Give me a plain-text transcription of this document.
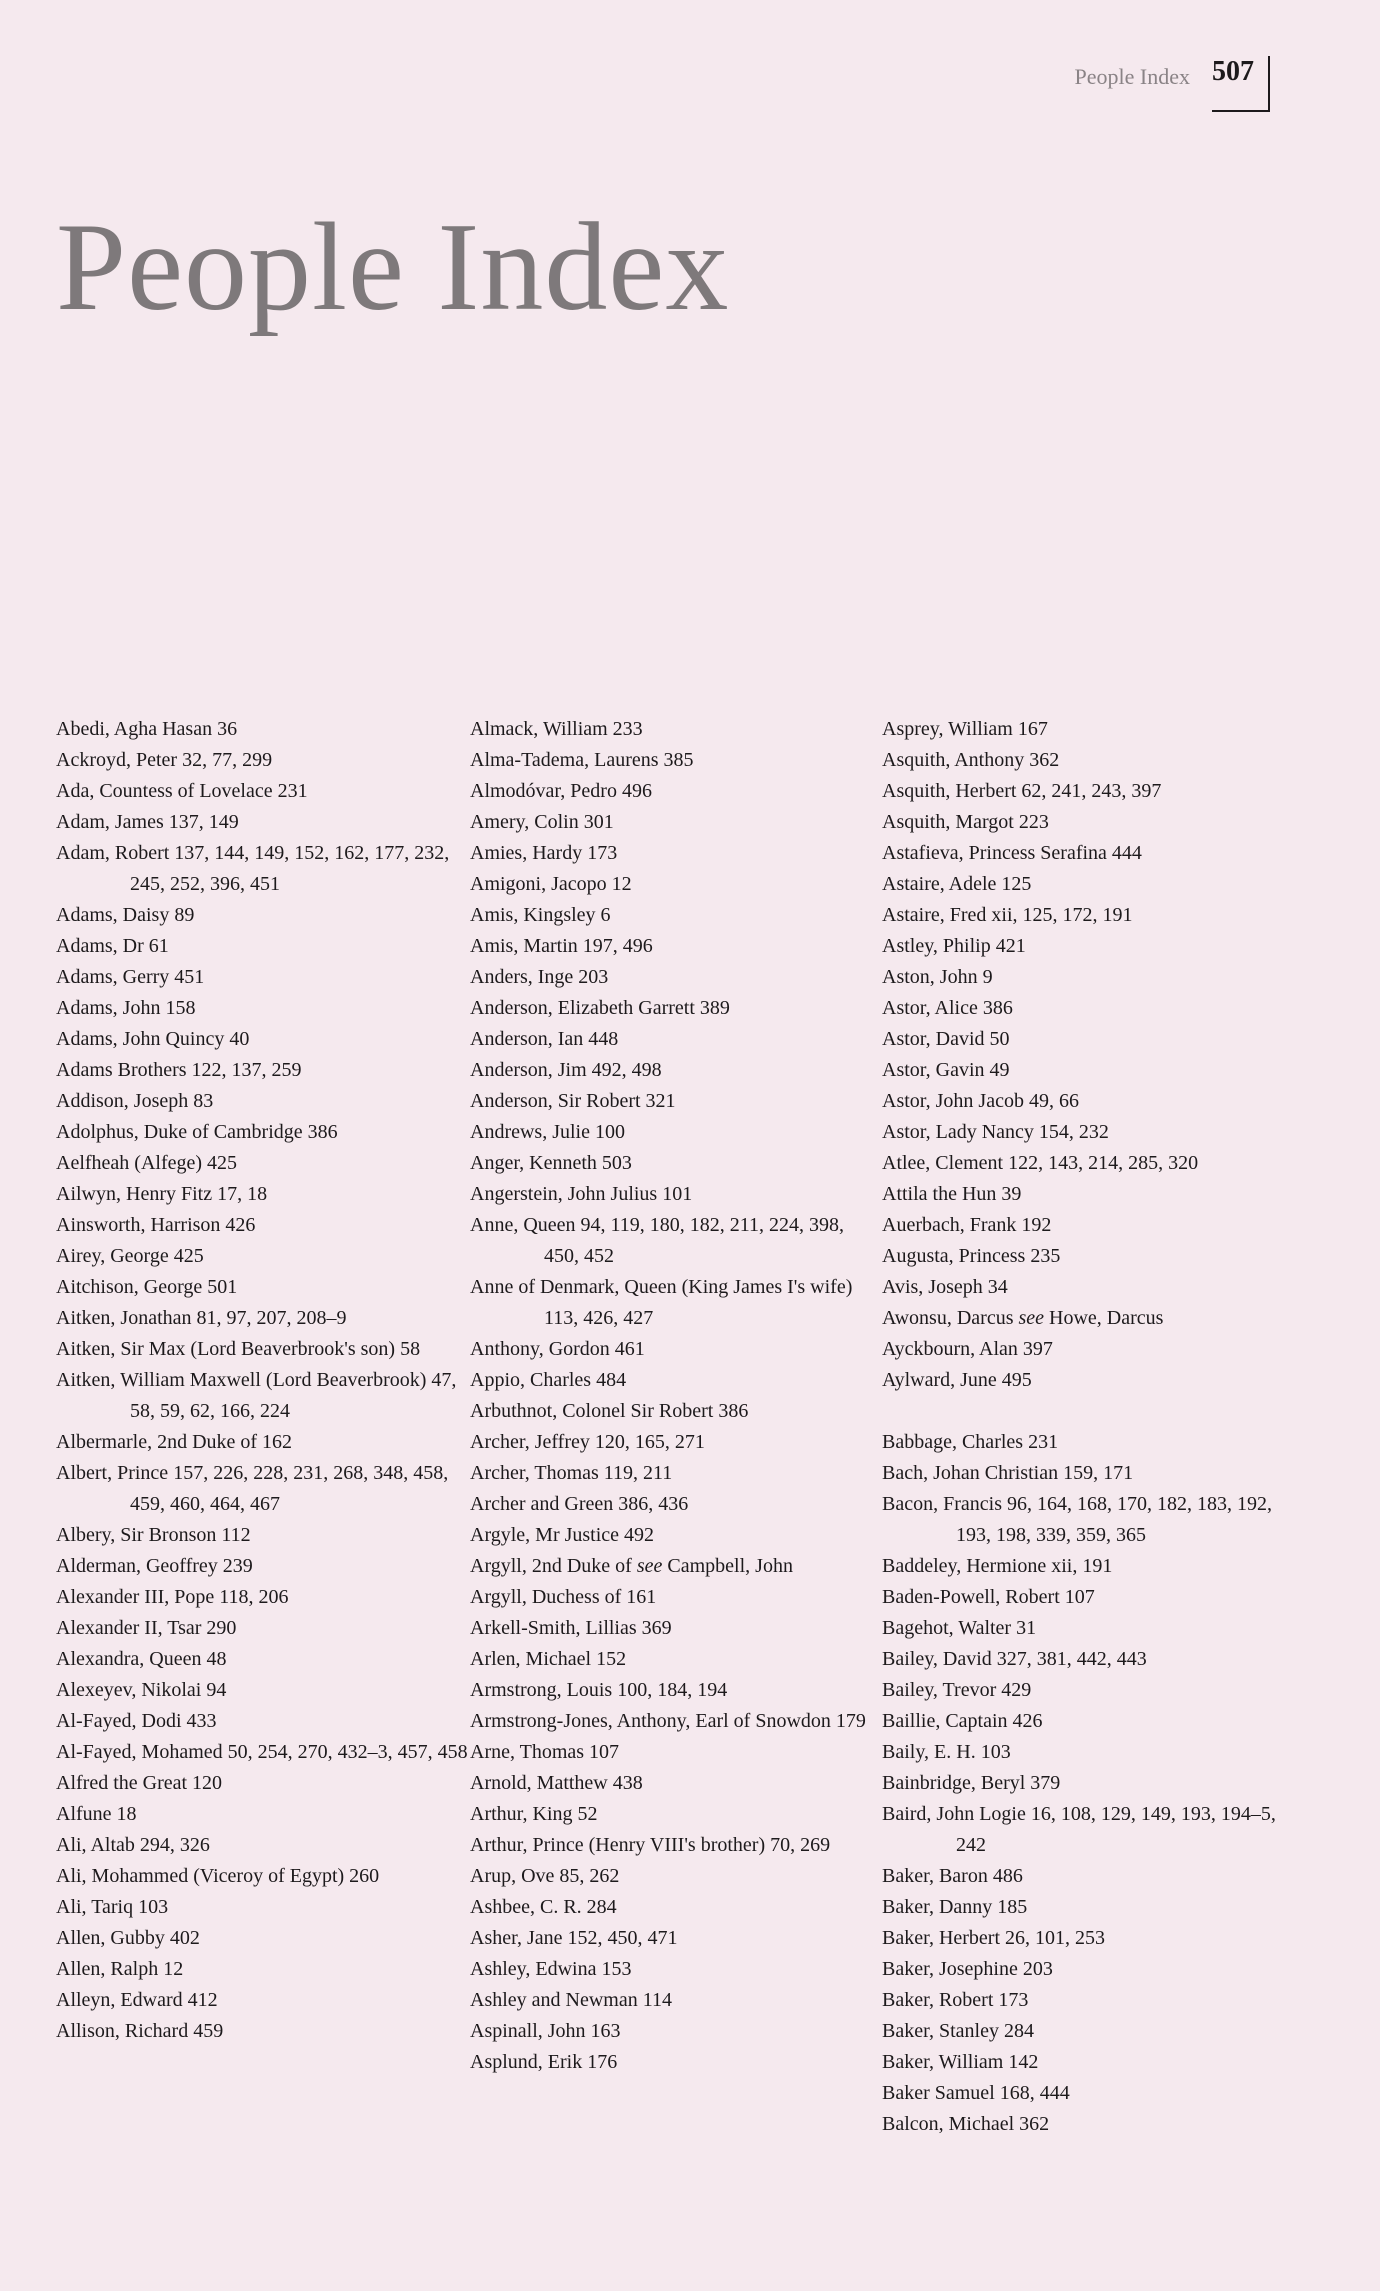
People Index 507
People Index
Abedi, Agha Hasan 36
Ackroyd, Peter 32, 77, 299
Ada, Countess of Lovelace 231
Adam, James 137, 149
Adam, Robert 137, 144, 149, 152, 162, 177, 232, 245, 252, 396, 451
Adams, Daisy 89
Adams, Dr 61
Adams, Gerry 451
Adams, John 158
Adams, John Quincy 40
Adams Brothers 122, 137, 259
Addison, Joseph 83
Adolphus, Duke of Cambridge 386
Aelfheah (Alfege) 425
Ailwyn, Henry Fitz 17, 18
Ainsworth, Harrison 426
Airey, George 425
Aitchison, George 501
Aitken, Jonathan 81, 97, 207, 208–9
Aitken, Sir Max (Lord Beaverbrook's son) 58
Aitken, William Maxwell (Lord Beaverbrook) 47, 58, 59, 62, 166, 224
Albermarle, 2nd Duke of 162
Albert, Prince 157, 226, 228, 231, 268, 348, 458, 459, 460, 464, 467
Albery, Sir Bronson 112
Alderman, Geoffrey 239
Alexander III, Pope 118, 206
Alexander II, Tsar 290
Alexandra, Queen 48
Alexeyev, Nikolai 94
Al-Fayed, Dodi 433
Al-Fayed, Mohamed 50, 254, 270, 432–3, 457, 458
Alfred the Great 120
Alfune 18
Ali, Altab 294, 326
Ali, Mohammed (Viceroy of Egypt) 260
Ali, Tariq 103
Allen, Gubby 402
Allen, Ralph 12
Alleyn, Edward 412
Allison, Richard 459
Almack, William 233
Alma-Tadema, Laurens 385
Almodóvar, Pedro 496
Amery, Colin 301
Amies, Hardy 173
Amigoni, Jacopo 12
Amis, Kingsley 6
Amis, Martin 197, 496
Anders, Inge 203
Anderson, Elizabeth Garrett 389
Anderson, Ian 448
Anderson, Jim 492, 498
Anderson, Sir Robert 321
Andrews, Julie 100
Anger, Kenneth 503
Angerstein, John Julius 101
Anne, Queen 94, 119, 180, 182, 211, 224, 398, 450, 452
Anne of Denmark, Queen (King James I's wife) 113, 426, 427
Anthony, Gordon 461
Appio, Charles 484
Arbuthnot, Colonel Sir Robert 386
Archer, Jeffrey 120, 165, 271
Archer, Thomas 119, 211
Archer and Green 386, 436
Argyle, Mr Justice 492
Argyll, 2nd Duke of see Campbell, John
Argyll, Duchess of 161
Arkell-Smith, Lillias 369
Arlen, Michael 152
Armstrong, Louis 100, 184, 194
Armstrong-Jones, Anthony, Earl of Snowdon 179
Arne, Thomas 107
Arnold, Matthew 438
Arthur, King 52
Arthur, Prince (Henry VIII's brother) 70, 269
Arup, Ove 85, 262
Ashbee, C. R. 284
Asher, Jane 152, 450, 471
Ashley, Edwina 153
Ashley and Newman 114
Aspinall, John 163
Asplund, Erik 176
Asprey, William 167
Asquith, Anthony 362
Asquith, Herbert 62, 241, 243, 397
Asquith, Margot 223
Astafieva, Princess Serafina 444
Astaire, Adele 125
Astaire, Fred xii, 125, 172, 191
Astley, Philip 421
Aston, John 9
Astor, Alice 386
Astor, David 50
Astor, Gavin 49
Astor, John Jacob 49, 66
Astor, Lady Nancy 154, 232
Atlee, Clement 122, 143, 214, 285, 320
Attila the Hun 39
Auerbach, Frank 192
Augusta, Princess 235
Avis, Joseph 34
Awonsu, Darcus see Howe, Darcus
Ayckbourn, Alan 397
Aylward, June 495
Babbage, Charles 231
Bach, Johan Christian 159, 171
Bacon, Francis 96, 164, 168, 170, 182, 183, 192, 193, 198, 339, 359, 365
Baddeley, Hermione xii, 191
Baden-Powell, Robert 107
Bagehot, Walter 31
Bailey, David 327, 381, 442, 443
Bailey, Trevor 429
Baillie, Captain 426
Baily, E. H. 103
Bainbridge, Beryl 379
Baird, John Logie 16, 108, 129, 149, 193, 194–5, 242
Baker, Baron 486
Baker, Danny 185
Baker, Herbert 26, 101, 253
Baker, Josephine 203
Baker, Robert 173
Baker, Stanley 284
Baker, William 142
Baker Samuel 168, 444
Balcon, Michael 362
